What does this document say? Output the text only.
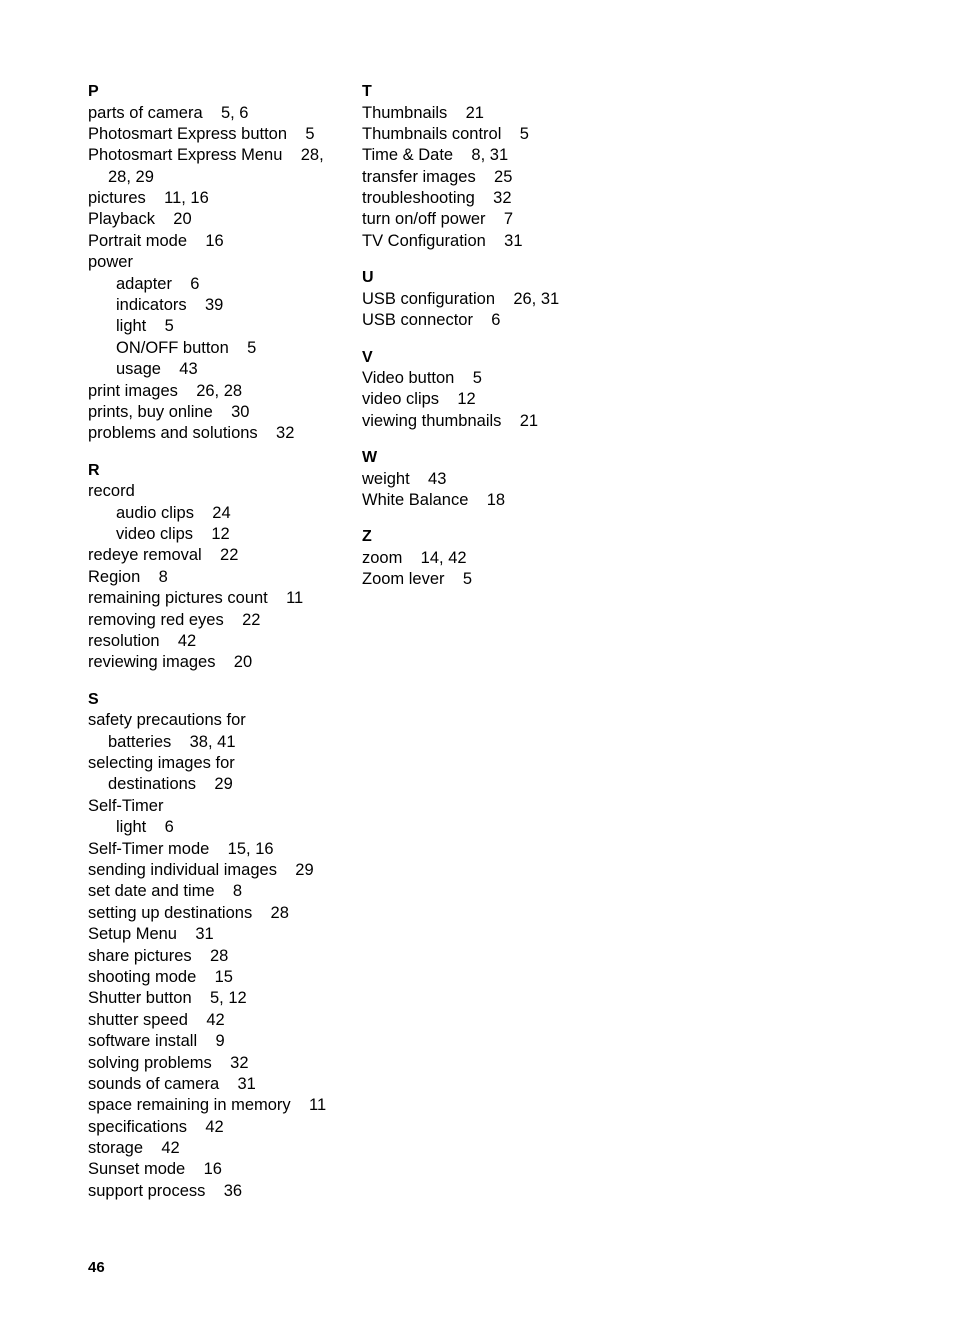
P
parts of camera    5, 6
Photosmart Express button    5
Photosmart Express Menu    28,
28, 29
pictures    11, 16
Playback    20
Portrait mode    16
power
adapter    6
indicators    39
light    5
ON/OFF button    5
usage    43
print images    26, 28
prints, buy online    30
problems and solutions    32
R
record
audio clips    24
video clips    12
redeye removal    22
Region    8
remaining pictures count    11
removing red eyes    22
resolution    42
reviewing images    20
S
safety precautions for
batteries    38, 41
selecting images for
destinations    29
Self-Timer
light    6
Self-Timer mode    15, 16
sending individual images    29
set date and time    8
setting up destinations    28
Setup Menu    31
share pictures    28
shooting mode    15
Shutter button    5, 12
shutter speed    42
software install    9
solving problems    32
sounds of camera    31
space remaining in memory    11
specifications    42
storage    42
Sunset mode    16
support process    36
T
Thumbnails    21
Thumbnails control    5
Time & Date    8, 31
transfer images    25
troubleshooting    32
turn on/off power    7
TV Configuration    31
U
USB configuration    26, 31
USB connector    6
V
Video button    5
video clips    12
viewing thumbnails    21
W
weight    43
White Balance    18
Z
zoom    14, 42
Zoom lever    5
46
